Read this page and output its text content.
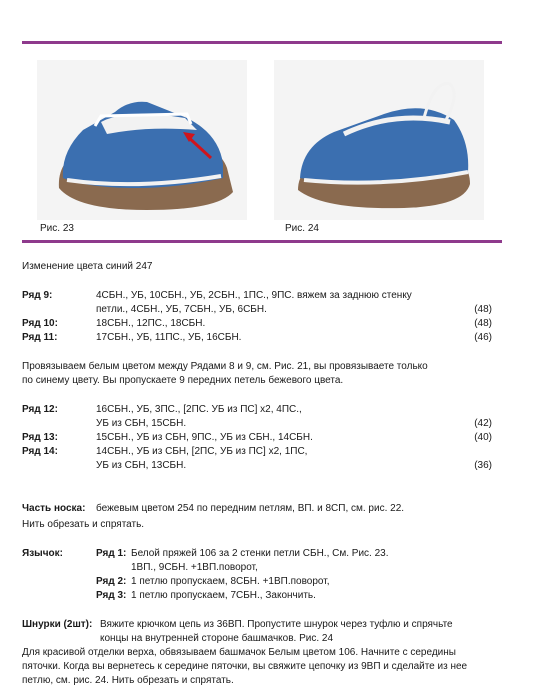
Рис. 23	Рис. 24
Изменение цвета синий 247
Ряд 9:	4СБН., УБ, 10СБН., УБ, 2СБН., 1ПС., 9ПС. вяжем за заднюю стенку
петли., 4СБН., УБ, 7СБН., УБ, 6СБН.	(48)
Ряд 10:	18СБН., 12ПС., 18СБН.	(48)
Ряд 11:	17СБН., УБ, 11ПС., УБ, 16СБН.	(46)
Провязываем белым цветом между Рядами 8 и 9, см. Рис. 21, вы провязываете только
по синему цвету. Вы пропускаете 9 передних петель бежевого цвета.
Ряд 12:	16СБН., УБ, 3ПС., [2ПС. УБ из ПС] x2, 4ПС.,
УБ из СБН, 15СБН.	(42)
Ряд 13:	15СБН., УБ из СБН, 9ПС., УБ из СБН., 14СБН.	(40)
Ряд 14:	14СБН., УБ из СБН, [2ПС, УБ из ПС] x2, 1ПС,
УБ из СБН, 13СБН.	(36)
Часть носка: бежевым цветом 254 по передним петлям, ВП. и 8СП, см. рис. 22.
Нить обрезать и спрятать.
Язычок:	Ряд 1: Белой пряжей 106 за 2 стенки петли СБН., См. Рис. 23.
1ВП., 9СБН. +1ВП.поворот,
Ряд 2: 1 петлю пропускаем, 8СБН. +1ВП.поворот,
Ряд 3: 1 петлю пропускаем, 7СБН., Закончить.
Шнурки (2шт): Вяжите крючком цепь из 36ВП. Пропустите шнурок через туфлю и спрячьте
концы на внутренней стороне башмачков. Рис. 24
Для красивой отделки верха, обвязываем башмачок Белым цветом 106. Начните с середины
пяточки. Когда вы вернетесь к середине пяточки, вы свяжите цепочку из 9ВП и сделайте из нее
петлю, см. рис. 24. Нить обрезать и спрятать.
